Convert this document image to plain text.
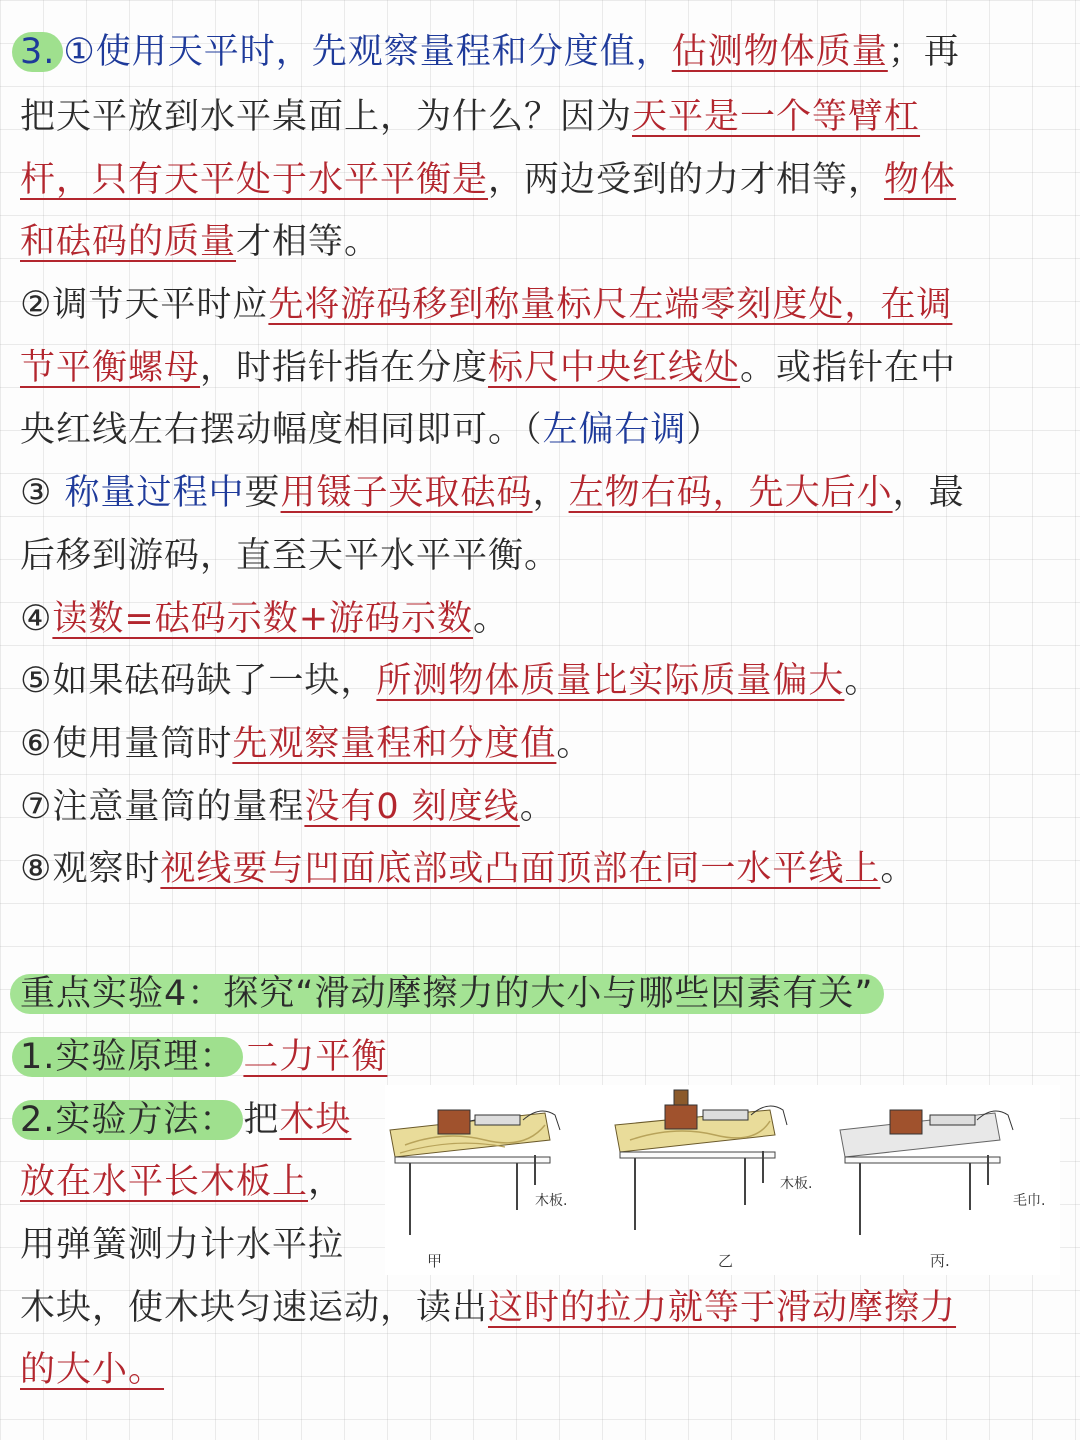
3. ①使用天平时，先观察量程和分度值，估测物体质量；再
把天平放到水平桌面上，为什么？因为天平是一个等臂杠
杆，只有天平处于水平平衡是，两边受到的力才相等，物体
和砝码的质量才相等。
②调节天平时应先将游码移到称量标尺左端零刻度处，在调
节平衡螺母，时指针指在分度标尺中央红线处。或指针在中
央红线左右摆动幅度相同即可。（左偏右调）
③ 称量过程中要用镊子夹取砝码，左物右码，先大后小，最
后移到游码，直至天平水平平衡。
④读数=砝码示数+游码示数。
⑤如果砝码缺了一块，所测物体质量比实际质量偏大。
⑥使用量筒时先观察量程和分度值。
⑦注意量筒的量程没有0 刻度线。
⑧观察时视线要与凹面底部或凸面顶部在同一水平线上。
重点实验4：探究“滑动摩擦力的大小与哪些因素有关”
1.实验原理： 二力平衡
2.实验方法： 把木块
放在水平长木板上，
用弹簧测力计水平拉
木块，使木块匀速运动，读出这时的拉力就等于滑动摩擦力
的大小。
木板.
木板.
毛巾.
甲	乙	丙.
